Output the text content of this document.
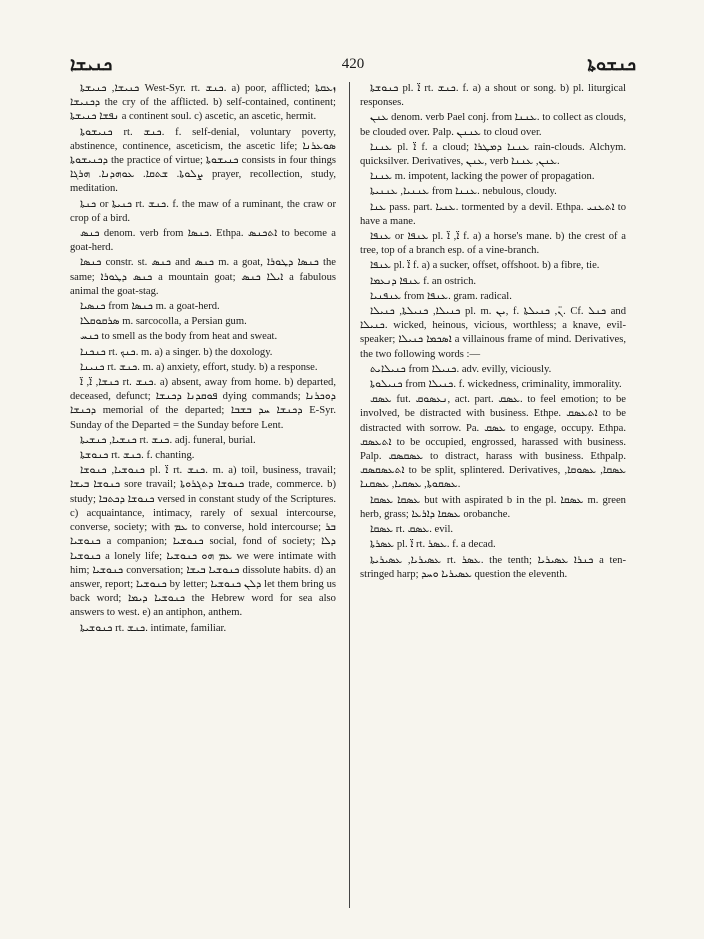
ܟܢܝܫܐ	420	ܟܢܫܘܬܐ

ܟܢܝܫܐ, ܟܢܝܫܬܐ West-Syr. rt. ܟܢܫ. a) poor, afflicted; ܙܥܩܬܐ ܕܟܢܝܫܐ the cry of the afflicted. b) self-contained, continent; ܢܦܫܐ ܟܢܝܫܬܐ a continent soul. c) ascetic, an ascetic, hermit.

ܟܢܝܫܘܬܐ rt. ܟܢܫ. f. self-denial, voluntary poverty, abstinence, continence, asceticism, the ascetic life; ܣܘܥܪܢܐ ܕܟܢܝܫܘܬܐ the practice of virtue; ܟܢܝܫܘܬܐ consists in four things ܨܠܘܬܐ. ܫܬܩܐ. ܥܘܗܕܢܐ. ܗܪܓܐ prayer, recollection, study, meditation.

ܟܢܬܐ or ܟܢܝܬܐ rt. ܟܢܫ. f. the maw of a ruminant, the craw or crop of a bird.

ܟܢܣ denom. verb from ܟܢܣܐ. Ethpa. ܐܬܟܢܣ to become a goat-herd.

ܟܢܣܐ constr. st. ܟܢܣ and ܟܢܣ m. a goat, ܟܢܣܐ ܕܛܘܪܐ the same; ܟܢܣ ܕܛܘܪܐ a mountain goat; ܐܝܠܐ ܟܢܣ a fabulous animal the goat-stag.

ܟܢܣܝܐ from ܟܢܣܐ m. a goat-herd.

ܣܪܩܘܩܠܐ m. sarcocolla, a Persian gum.

ܟܢܚ to smell as the body from heat and sweat.

ܟܢܟܢܐ rt. ܟܢܟ. m. a) a singer. b) the doxology.

ܟܢܝܢܐ rt. ܟܢܫ. m. a) anxiety, effort, study. b) a response.

ܟܢܫܐ, ܐ̈, ܐ̈ rt. ܟܢܫ. a) absent, away from home. b) departed, deceased, defunct; ܦܘܩܕܢܐ ܕܟܢܫܐ dying commands; ܕܘܟܪܢܐ ܕܟܢܫܐ memorial of the departed; ܕܟܢܫܐ ܚܕ ܒܫܒܐ E-Syr. Sunday of the Departed = the Sunday before Lent.

ܟܢܫܝܐ, ܟܢܫܝܬܐ rt. ܟܢܫ. adj. funeral, burial.

ܟܢܘܫܬܐ rt. ܟܢܫ. f. chanting.

ܟܢܘܫܝܐ, ܟܢܘܫܐ pl. ܐ̈ rt. ܟܢܫ. m. a) toil, business, travail; ܟܢܘܫܐ ܒܝܫܐ sore travail; ܟܢܘܫܐ ܕܬܓܪܘܬܐ trade, commerce. b) study; ܟܢܘܫܐ ܕܟܬܒܐ versed in constant study of the Scriptures. c) acquaintance, intimacy, rarely of sexual intercourse, converse, society; with ܥܡ to converse, hold intercourse; ܒܪ ܟܢܘܫܝܐ a companion; ܟܢܘܫܝܐ social, fond of society; ܕܠܐ ܟܢܘܫܝܐ a lonely life; ܥܡ ܗܘ ܟܢܘܫܝܐ we were intimate with him; ܟܢܘܫܝܐ conversation; ܟܢܘܫܝܐ ܒܝܫܐ dissolute habits. d) an answer, report; ܟܢܘܫܝܐ by letter; ܕܠܢ ܟܢܘܫܝܐ let them bring us back word; ܟܢܘܫܝܐ ܕܝܡܐ the Hebrew word for sea also answers to west. e) an antiphon, anthem.

ܟܢܘܫܝܬܐ rt. ܟܢܫ. intimate, familiar.

ܟܢܘܫܬܐ pl. ܐ̈ rt. ܟܢܫ. f. a) a shout or song. b) pl. liturgical responses.

ܥܢܢ denom. verb Pael conj. from ܥܢܢܐ. to collect as clouds, be clouded over. Palp. ܥܢܢܢ to cloud over.

ܥܢܢܐ pl. ܐ̈ f. a cloud; ܥܢܢܐ ܕܡܛܪܐ rain-clouds. Alchym. quicksilver. Derivatives, ܥܢܢ, verb ܥܢܢ, ܥܢܢܐ.

ܥܢܢܐ m. impotent, lacking the power of propagation.

ܥܢܢܝܐ, ܥܢܢܝܬܐ from ܥܢܢܐ. nebulous, cloudy.

ܥܢܐ pass. part. ܥܢܝܐ. tormented by a devil. Ethpa. ܐܬܥܢܝ to have a mane.

ܥܢܦܐ or ܥܢܦܐ pl. ܐ̈, ܐ̈ f. a) a horse's mane. b) the crest of a tree, top of a branch esp. of a vine-branch.

ܥܢܦܐ pl. ܐ̈ f. a) a sucker, offset, offshoot. b) a fibre, tie.

ܥܢܦܐ ܕܢܥܡܐ f. an ostrich.

ܥܢܦܢܝܐ from ܥܢܦܐ. gram. radical.

ܟܢܝܠܐ, ܟܢܝܠܬܐ, ܟܢܝܠܐ pl. m. ܝܢ, f. ܢ̈, ܟܢܝܠܬܐ. Cf. ܟܢܠ and ܟܢܝܠܐ. wicked, heinous, vicious, worthless; a knave, evil-speaker; ܐܣܟܡܐ ܟܢܝܠܐ a villainous frame of mind. Derivatives, the two following words :—

ܟܢܝܠܐܝܬ from ܟܢܝܠܐ. adv. evilly, viciously.

ܟܢܝܠܘܬܐ from ܟܢܝܠܐ. f. wickedness, criminality, immorality.

ܥܣܩ fut. ܢܥܣܘܩ, act. part. ܥܣܩ. to feel emotion; to be involved, be distracted with business. Ethpe. ܐܬܥܣܩ to be distracted with sorrow. Pa. ܥܣܩ to engage, occupy. Ethpa. ܐܬܥܣܩ to be occupied, engrossed, harassed with business. Palp. ܥܣܩܣܩ to distract, harass with business. Ethpalp. ܐܬܥܣܩܣܩ to be split, splintered. Derivatives, ܥܣܩܐ, ܥܣܘܩܐ, ܥܣܩܘܬܐ, ܥܣܩܝܐ, ܥܣܩܢܐ.

ܥܣܩܐ ܥܣܩܐ but with aspirated b in the pl. ܥܣܩܐ m. green herb, grass; ܥܣܩܐ ܕܐܪܥܐ orobanche.

ܥܣܩܐ rt. ܥܣܩ. evil.

ܥܣܪܬܐ pl. ܐ̈ rt. ܥܣܪ. f. a decad.

ܥܣܝܪܝܐ, ܥܣܝܪܝܬܐ rt. ܥܣܪ. the tenth; ܟܢܪܐ ܥܣܝܪܝܐ a ten-stringed harp; ܥܣܝܪܝܐ ܘܚܕ question the eleventh.
